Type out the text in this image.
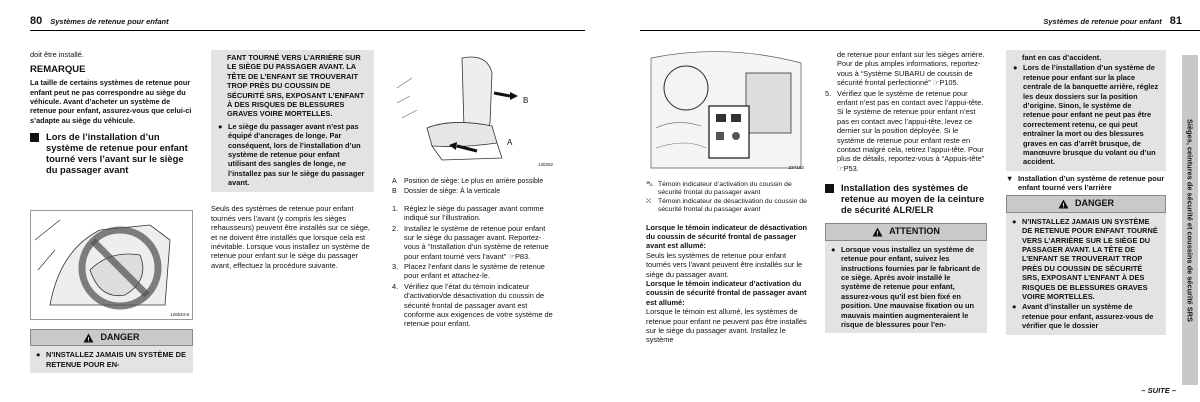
80 Systèmes de retenue pour enfant
doit être installé.
REMARQUE
La taille de certains systèmes de retenue pour enfant peut ne pas correspondre au siège du véhicule. Avant d’acheter un système de retenue pour enfant, assurez-vous que celui-ci s’adapte au siège du véhicule.
Lors de l’installation d’un système de retenue pour enfant tourné vers l’avant sur le siège du passager avant
120634-8
! DANGER
● N’INSTALLEZ JAMAIS UN SYSTÈME DE RETENUE POUR EN-
FANT TOURNÉ VERS L’ARRIÈRE SUR LE SIÈGE DU PASSAGER AVANT. LA TÊTE DE L’ENFANT SE TROUVERAIT TROP PRÈS DU COUSSIN DE SÉCURITÉ SRS, EXPOSANT L’ENFANT À DES RISQUES DE BLESSURES GRAVES VOIRE MORTELLES.
● Le siège du passager avant n’est pas équipé d’ancrages de longe. Par conséquent, lors de l’installation d’un système de retenue pour enfant utilisant des sangles de longe, ne l’installez pas sur le siège du passager avant.
Seuls des systèmes de retenue pour enfant tournés vers l’avant (y compris les sièges rehausseurs) peuvent être installés sur ce siège, et ne doivent être installés que lorsque cela est inévitable. Lorsque vous installez un système de retenue pour enfant sur le siège du passager avant, effectuez la procédure suivante.
B
A
130252
A	Position de siège: Le plus en arrière possible
B	Dossier de siège: À la verticale
1. Réglez le siège du passager avant comme indiqué sur l’illustration.
2. Installez le système de retenue pour enfant sur le siège du passager avant. Reportez-vous à “Installation d’un système de retenue pour enfant tourné vers l’avant” ☞P83.
3. Placez l’enfant dans le système de retenue pour enfant et attachez-le.
4. Vérifiez que l’état du témoin indicateur d’activation/de désactivation du coussin de sécurité frontal de passager avant est conforme aux exigences de votre système de retenue pour enfant.
Systèmes de retenue pour enfant 81
Sièges, ceintures de sécurité et coussins de sécurité SRS
Z3T152
⛍ Témoin indicateur d’activation du coussin de sécurité frontal du passager avant
⛌	Témoin indicateur de désactivation du coussin de sécurité frontal du passager avant
Lorsque le témoin indicateur de désactivation du coussin de sécurité frontal de passager avant est allumé:
Seuls les systèmes de retenue pour enfant tournés vers l’avant peuvent être installés sur le siège du passager avant.
Lorsque le témoin indicateur d’activation du coussin de sécurité frontal de passager avant est allumé:
Lorsque le témoin est allumé, les systèmes de retenue pour enfant ne peuvent pas être installés sur le siège du passager avant. Installez le système
de retenue pour enfant sur les sièges arrière. Pour de plus amples informations, reportez-vous à “Système SUBARU de coussin de sécurité frontal perfectionné” ☞P105.
5. Vérifiez que le système de retenue pour enfant n’est pas en contact avec l’appui-tête. Si le système de retenue pour enfant n’est pas en contact avec l’appui-tête, levez ce dernier sur la position déployée. Si le système de retenue pour enfant reste en contact malgré cela, retirez l’appui-tête. Pour plus de détails, reportez-vous à “Appuis-tête” ☞P53.
Installation des systèmes de retenue au moyen de la ceinture de sécurité ALR/ELR
! ATTENTION
● Lorsque vous installez un système de retenue pour enfant, suivez les instructions fournies par le fabricant de ce siège. Après avoir installé le système de retenue pour enfant, assurez-vous qu’il est bien fixé en position. Une mauvaise fixation ou un mauvais maintien augmenteraient le risque de blessures pour l’en-
fant en cas d’accident.
● Lors de l’installation d’un système de retenue pour enfant sur la place centrale de la banquette arrière, réglez les deux dossiers sur la position d’origine. Sinon, le système de retenue pour enfant ne peut pas être correctement retenu, ce qui peut entraîner la mort ou des blessures graves en cas d’arrêt brusque, de manœuvre brusque du volant ou d’un accident.
▼ Installation d’un système de retenue pour enfant tourné vers l’arrière
! DANGER
● N’INSTALLEZ JAMAIS UN SYSTÈME DE RETENUE POUR ENFANT TOURNÉ VERS L’ARRIÈRE SUR LE SIÈGE DU PASSAGER AVANT. LA TÊTE DE L’ENFANT SE TROUVERAIT TROP PRÈS DU COUSSIN DE SÉCURITÉ SRS, EXPOSANT L’ENFANT À DES RISQUES DE BLESSURES GRAVES VOIRE MORTELLES.
● Avant d’installer un système de retenue pour enfant, assurez-vous de vérifier que le dossier
– SUITE –
